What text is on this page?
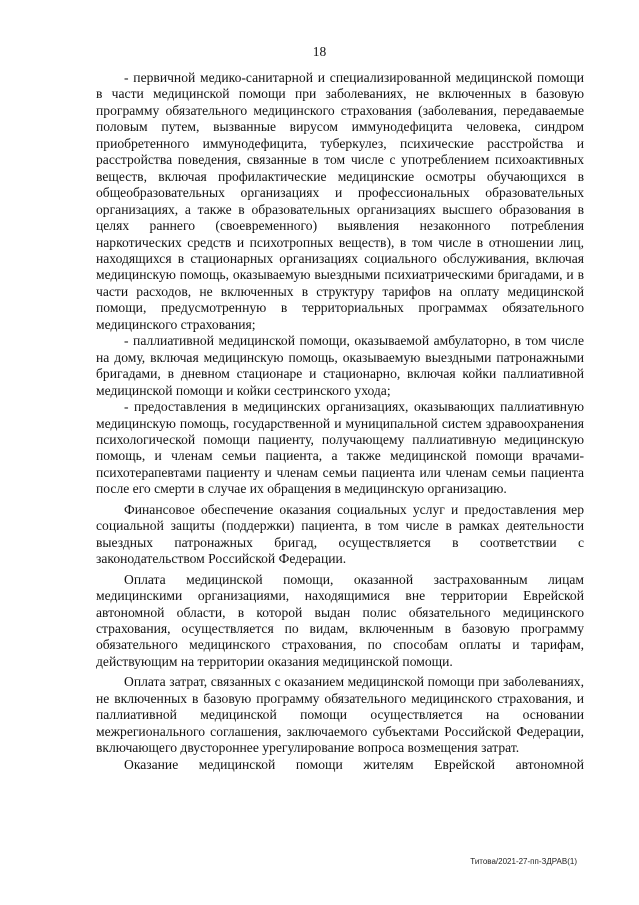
18

- первичной медико-санитарной и специализированной медицинской помощи в части медицинской помощи при заболеваниях, не включенных в базовую программу обязательного медицинского страхования (заболевания, передаваемые половым путем, вызванные вирусом иммунодефицита человека, синдром приобретенного иммунодефицита, туберкулез, психические расстройства и расстройства поведения, связанные в том числе с употреблением психоактивных веществ, включая профилактические медицинские осмотры обучающихся в общеобразовательных организациях и профессиональных образовательных организациях, а также в образовательных организациях высшего образования в целях раннего (своевременного) выявления незаконного потребления наркотических средств и психотропных веществ), в том числе в отношении лиц, находящихся в стационарных организациях социального обслуживания, включая медицинскую помощь, оказываемую выездными психиатрическими бригадами, и в части расходов, не включенных в структуру тарифов на оплату медицинской помощи, предусмотренную в территориальных программах обязательного медицинского страхования;

- паллиативной медицинской помощи, оказываемой амбулаторно, в том числе на дому, включая медицинскую помощь, оказываемую выездными патронажными бригадами, в дневном стационаре и стационарно, включая койки паллиативной медицинской помощи и койки сестринского ухода;

- предоставления в медицинских организациях, оказывающих паллиативную медицинскую помощь, государственной и муниципальной систем здравоохранения психологической помощи пациенту, получающему паллиативную медицинскую помощь, и членам семьи пациента, а также медицинской помощи врачами-психотерапевтами пациенту и членам семьи пациента или членам семьи пациента после его смерти в случае их обращения в медицинскую организацию.

Финансовое обеспечение оказания социальных услуг и предоставления мер социальной защиты (поддержки) пациента, в том числе в рамках деятельности выездных патронажных бригад, осуществляется в соответствии с законодательством Российской Федерации.

Оплата медицинской помощи, оказанной застрахованным лицам медицинскими организациями, находящимися вне территории Еврейской автономной области, в которой выдан полис обязательного медицинского страхования, осуществляется по видам, включенным в базовую программу обязательного медицинского страхования, по способам оплаты и тарифам, действующим на территории оказания медицинской помощи.

Оплата затрат, связанных с оказанием медицинской помощи при заболеваниях, не включенных в базовую программу обязательного медицинского страхования, и паллиативной медицинской помощи осуществляется на основании межрегионального соглашения, заключаемого субъектами Российской Федерации, включающего двустороннее урегулирование вопроса возмещения затрат.

Оказание медицинской помощи жителям Еврейской автономной

Титова/2021-27-пп-ЗДРАВ(1)
